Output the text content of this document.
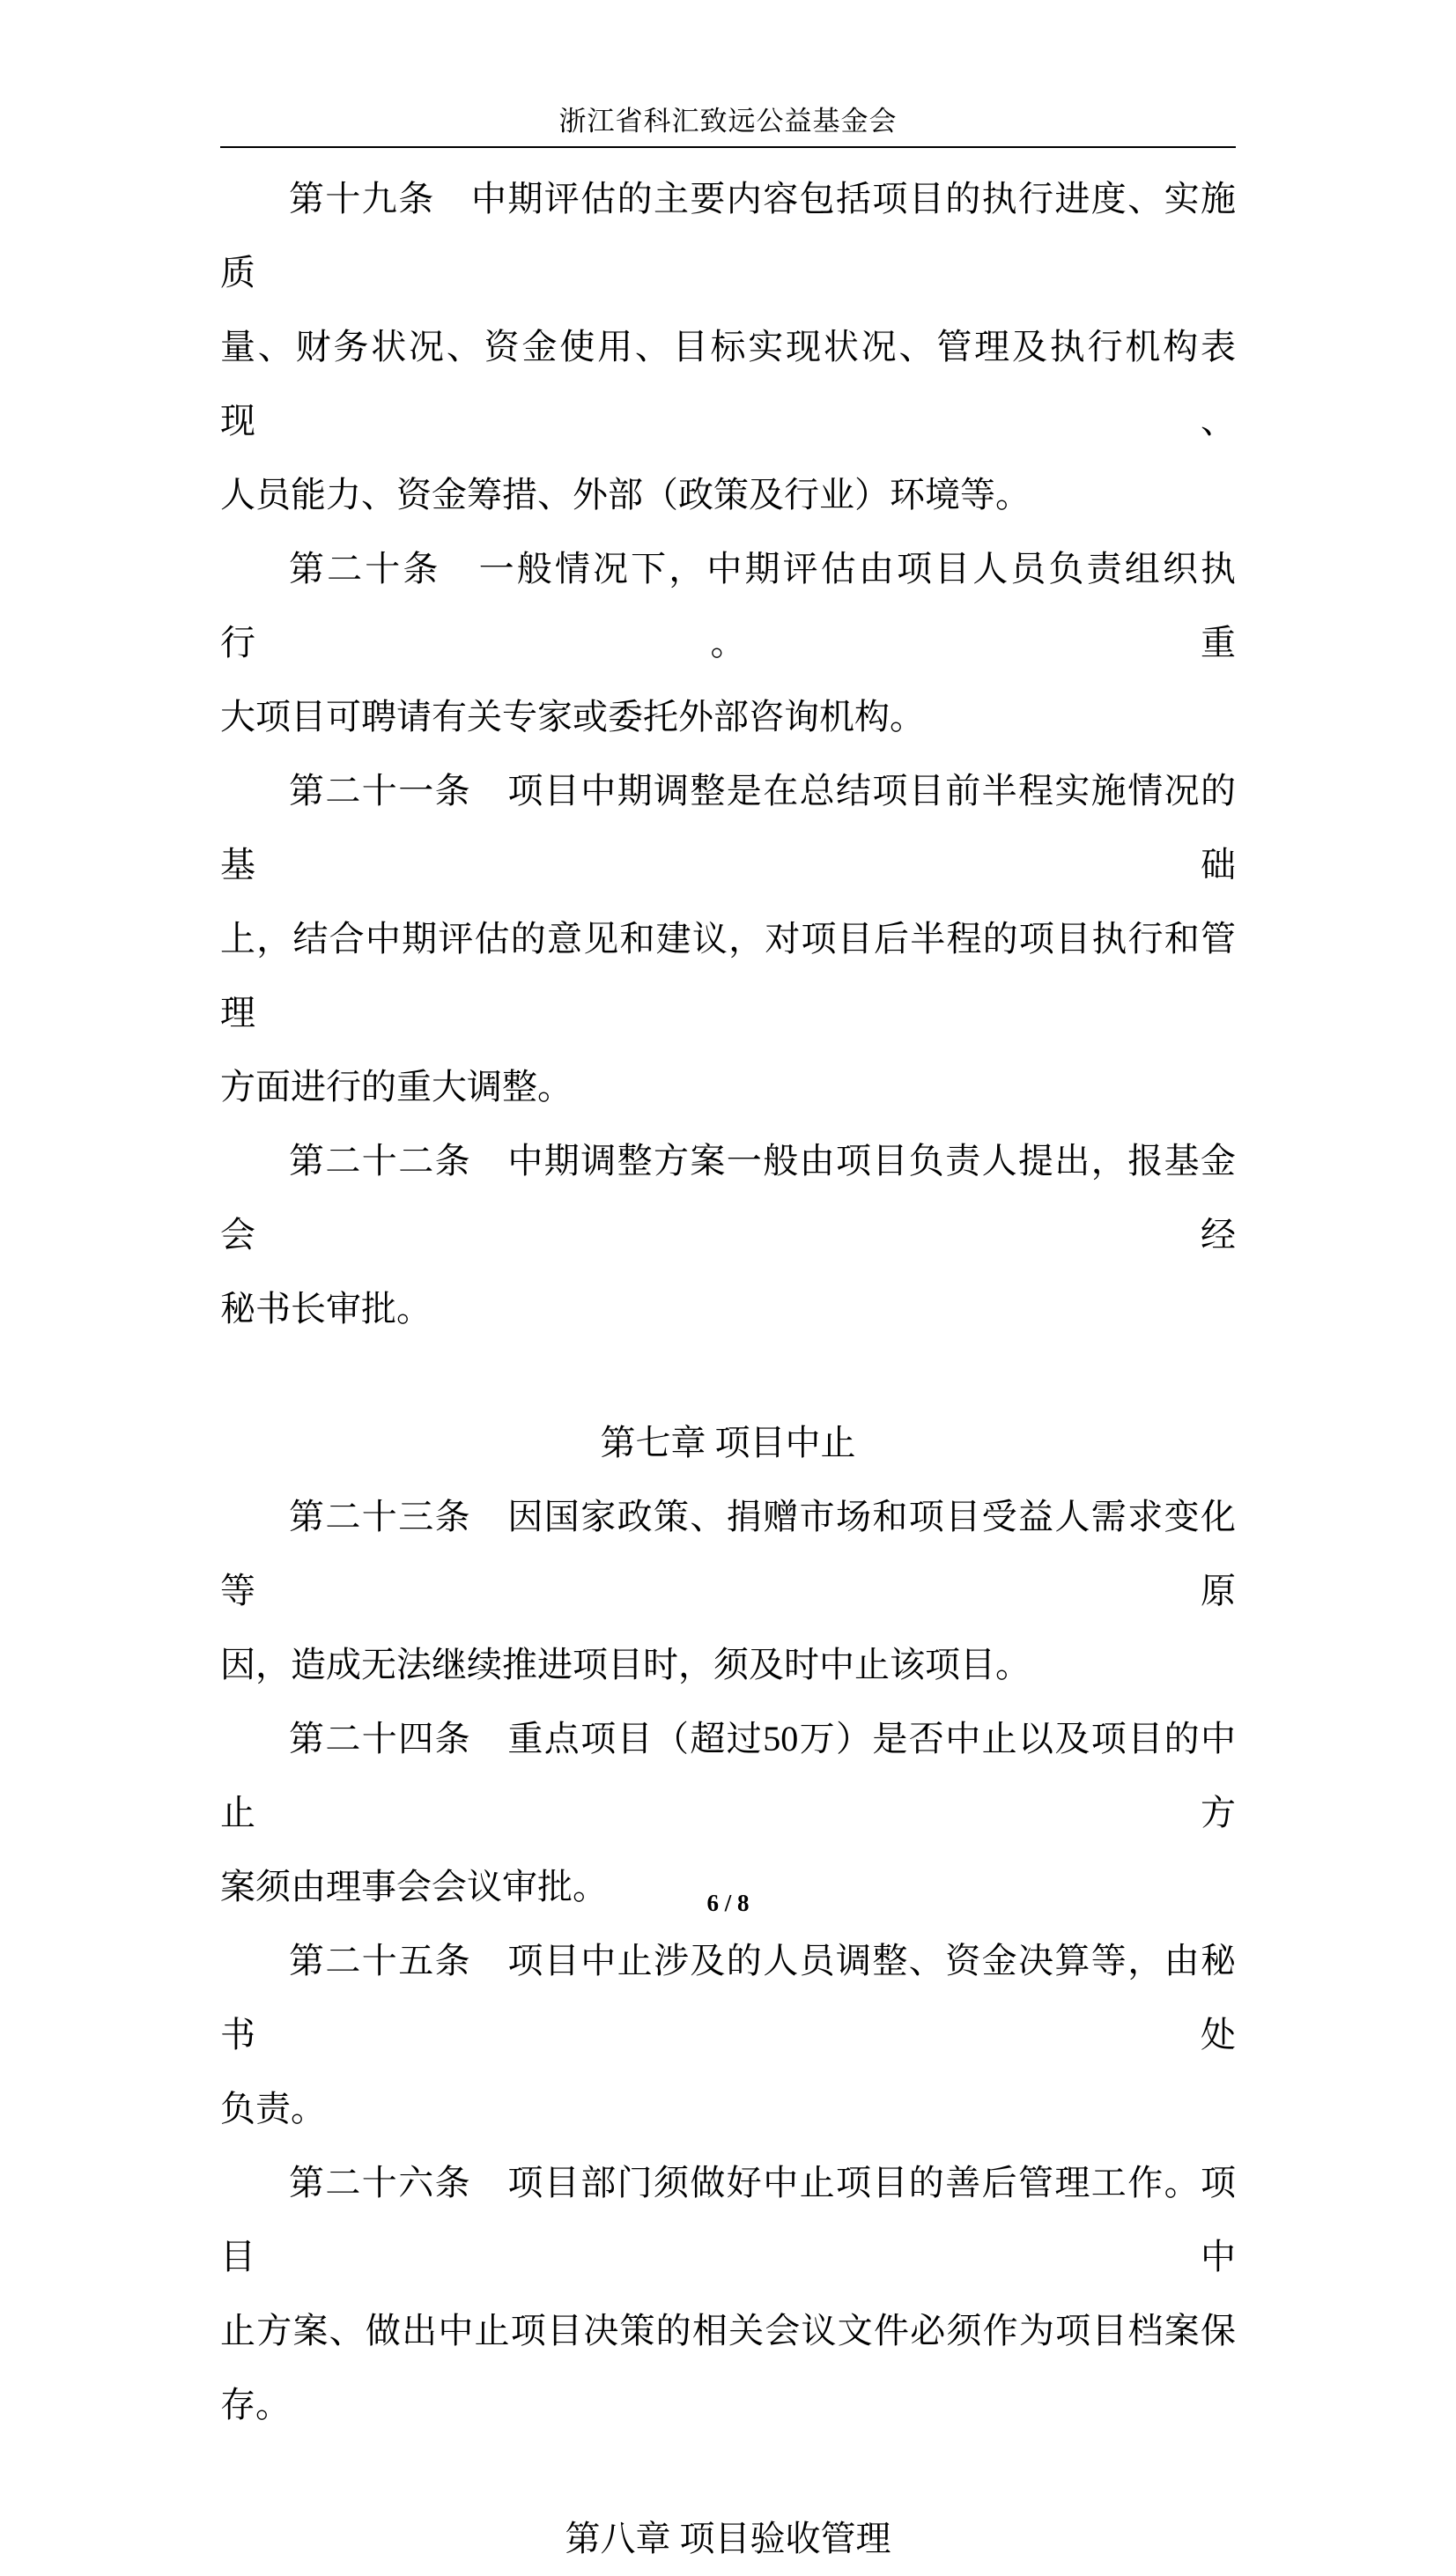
浙江省科汇致远公益基金会
第十九条　中期评估的主要内容包括项目的执行进度、实施质
量、财务状况、资金使用、目标实现状况、管理及执行机构表现、
人员能力、资金筹措、外部（政策及行业）环境等。
第二十条　一般情况下，中期评估由项目人员负责组织执行。重
大项目可聘请有关专家或委托外部咨询机构。
第二十一条　项目中期调整是在总结项目前半程实施情况的基础
上，结合中期评估的意见和建议，对项目后半程的项目执行和管理
方面进行的重大调整。
第二十二条　中期调整方案一般由项目负责人提出，报基金会经
秘书长审批。
第七章 项目中止
第二十三条　因国家政策、捐赠市场和项目受益人需求变化等原
因，造成无法继续推进项目时，须及时中止该项目。
第二十四条　重点项目（超过50万）是否中止以及项目的中止方
案须由理事会会议审批。
第二十五条　项目中止涉及的人员调整、资金决算等，由秘书处
负责。
第二十六条　项目部门须做好中止项目的善后管理工作。项目中
止方案、做出中止项目决策的相关会议文件必须作为项目档案保
存。
第八章 项目验收管理
6 / 8
